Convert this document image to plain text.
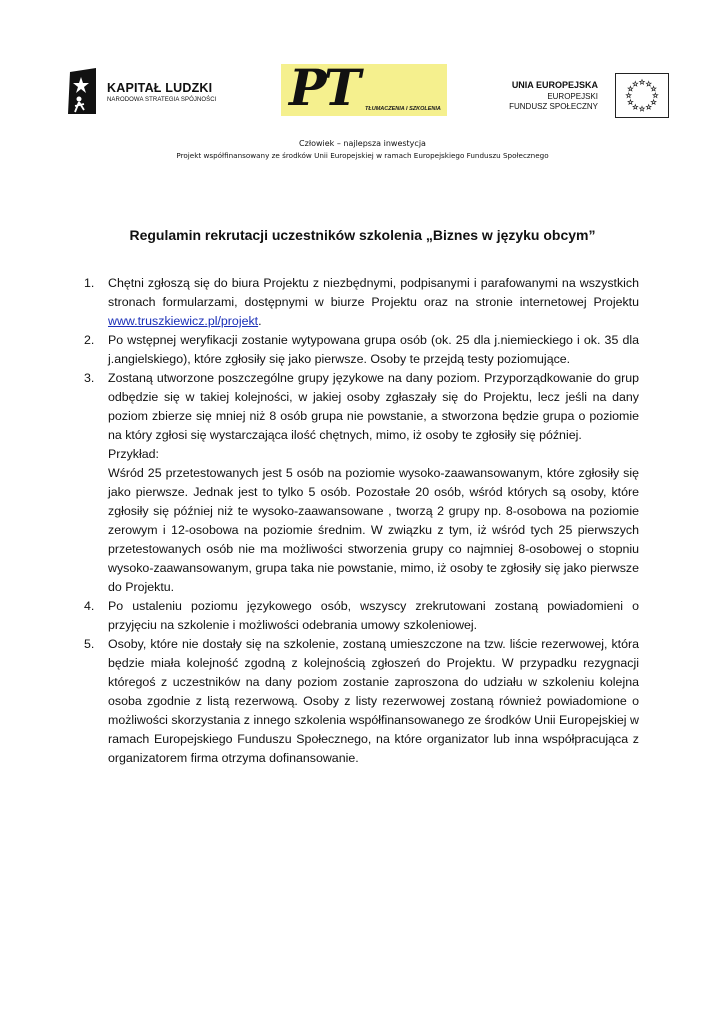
KAPITAŁ LUDZKI
NARODOWA STRATEGIA SPÓJNOŚCI PT TŁUMACZENIA I SZKOLENIA
UNIA EUROPEJSKA
EUROPEJSKI
FUNDUSZ SPOŁECZNY
Człowiek – najlepsza inwestycja
Projekt współfinansowany ze środków Unii Europejskiej w ramach Europejskiego Funduszu Społecznego
Regulamin rekrutacji uczestników szkolenia „Biznes w języku obcym”
1. Chętni zgłoszą się do biura Projektu z niezbędnymi, podpisanymi i parafowanymi na wszystkich stronach formularzami, dostępnymi w biurze Projektu oraz na stronie internetowej Projektu www.truszkiewicz.pl/projekt.
2. Po wstępnej weryfikacji zostanie wytypowana grupa osób (ok. 25 dla j.niemieckiego i ok. 35 dla j.angielskiego), które zgłosiły się jako pierwsze. Osoby te przejdą testy poziomujące.
3. Zostaną utworzone poszczególne grupy językowe na dany poziom. Przyporządkowanie do grup odbędzie się w takiej kolejności, w jakiej osoby zgłaszały się do Projektu, lecz jeśli na dany poziom zbierze się mniej niż 8 osób grupa nie powstanie, a stworzona będzie grupa o poziomie na który zgłosi się wystarczająca ilość chętnych, mimo, iż osoby te zgłosiły się później.
Przykład:
Wśród 25 przetestowanych jest 5 osób na poziomie wysoko-zaawansowanym, które zgłosiły się jako pierwsze. Jednak jest to tylko 5 osób. Pozostałe 20 osób, wśród których są osoby, które zgłosiły się później niż te wysoko-zaawansowane , tworzą 2 grupy np. 8-osobowa na poziomie zerowym i 12-osobowa na poziomie średnim. W związku z tym, iż wśród tych 25 pierwszych przetestowanych osób nie ma możliwości stworzenia grupy co najmniej 8-osobowej o stopniu wysoko-zaawansowanym, grupa taka nie powstanie, mimo, iż osoby te zgłosiły się jako pierwsze do Projektu.
4. Po ustaleniu poziomu językowego osób, wszyscy zrekrutowani zostaną powiadomieni o przyjęciu na szkolenie i możliwości odebrania umowy szkoleniowej.
5. Osoby, które nie dostały się na szkolenie, zostaną umieszczone na tzw. liście rezerwowej, która będzie miała kolejność zgodną z kolejnością zgłoszeń do Projektu. W przypadku rezygnacji któregoś z uczestników na dany poziom zostanie zaproszona do udziału w szkoleniu kolejna osoba zgodnie z listą rezerwową. Osoby z listy rezerwowej zostaną również powiadomione o możliwości skorzystania z innego szkolenia współfinansowanego ze środków Unii Europejskiej w ramach Europejskiego Funduszu Społecznego, na które organizator lub inna współpracująca z organizatorem firma otrzyma dofinansowanie.
